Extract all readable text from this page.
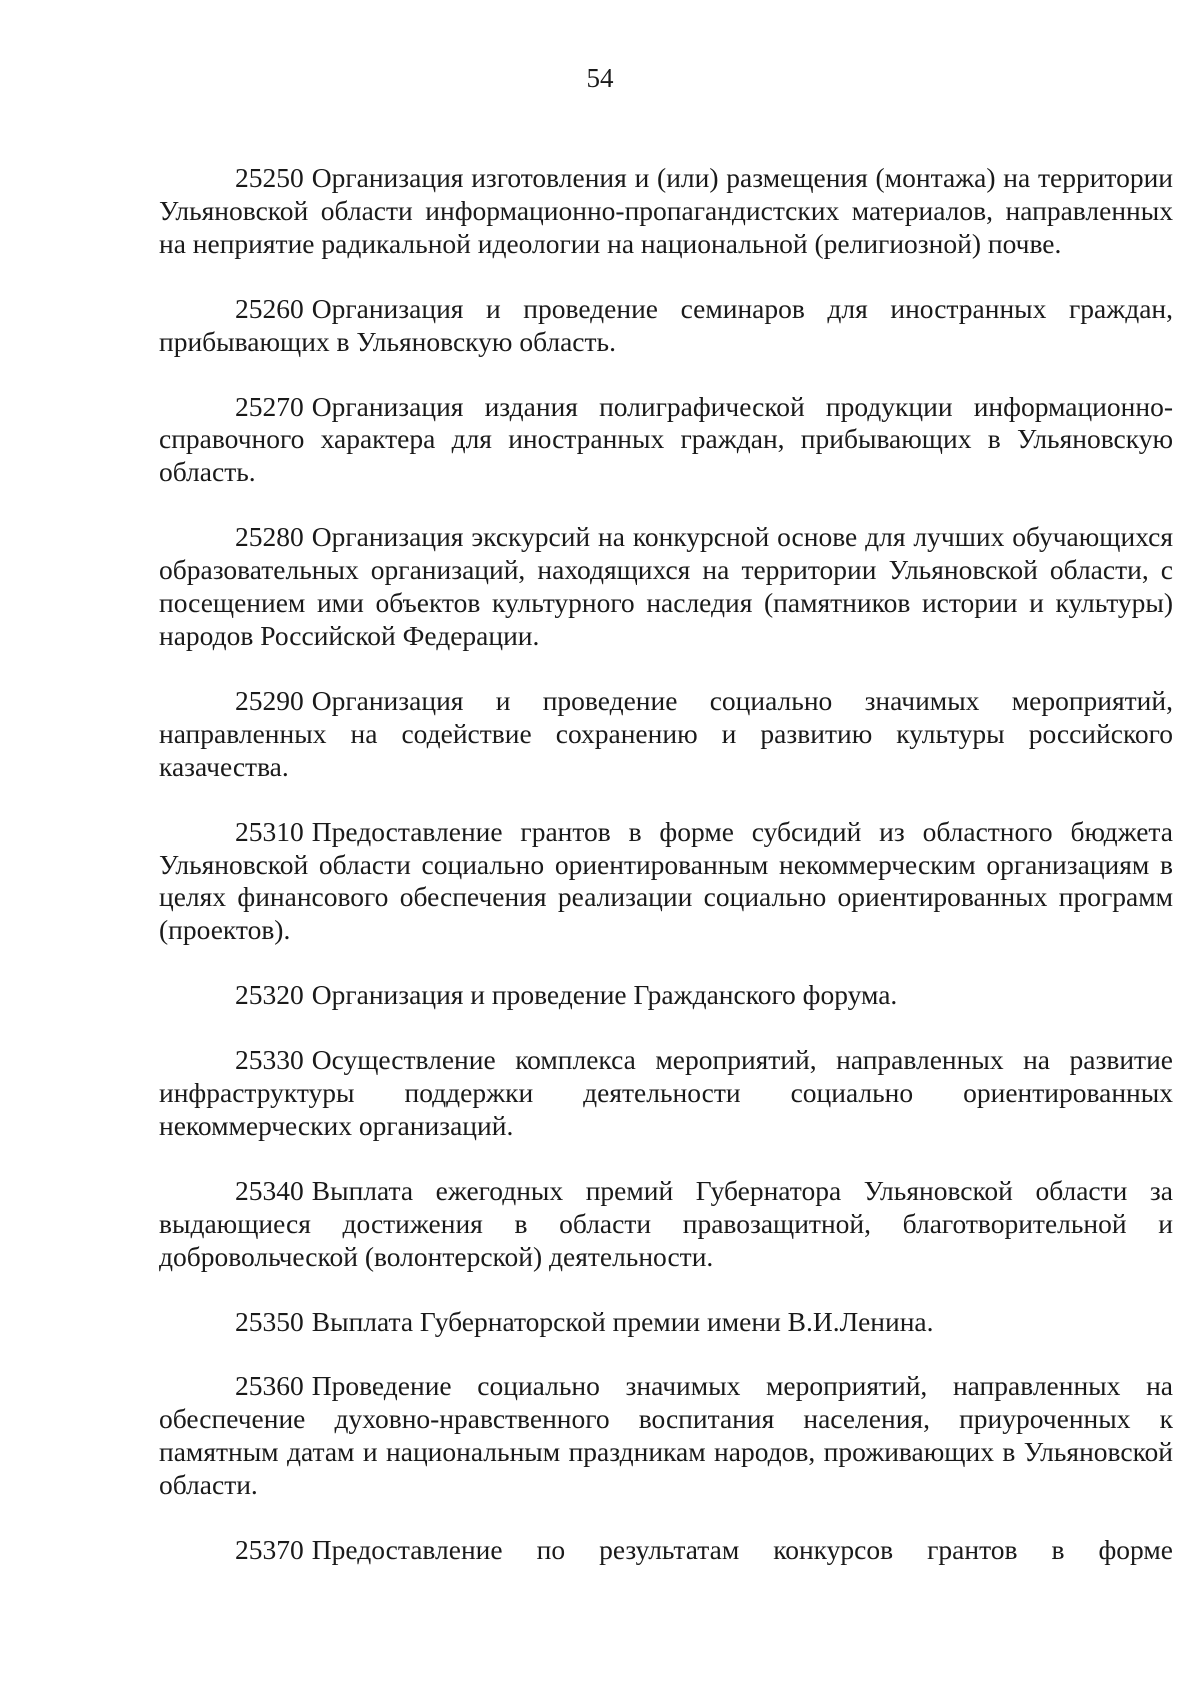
54

25250 Организация изготовления и (или) размещения (монтажа) на территории Ульяновской области информационно-пропагандистских материалов, направленных на неприятие радикальной идеологии на национальной (религиозной) почве.

25260 Организация и проведение семинаров для иностранных граждан, прибывающих в Ульяновскую область.

25270 Организация издания полиграфической продукции информационно-справочного характера для иностранных граждан, прибывающих в Ульяновскую область.

25280 Организация экскурсий на конкурсной основе для лучших обучающихся образовательных организаций, находящихся на территории Ульяновской области, с посещением ими объектов культурного наследия (памятников истории и культуры) народов Российской Федерации.

25290 Организация и проведение социально значимых мероприятий, направленных на содействие сохранению и развитию культуры российского казачества.

25310 Предоставление грантов в форме субсидий из областного бюджета Ульяновской области социально ориентированным некоммерческим организациям в целях финансового обеспечения реализации социально ориентированных программ (проектов).

25320 Организация и проведение Гражданского форума.

25330 Осуществление комплекса мероприятий, направленных на развитие инфраструктуры поддержки деятельности социально ориентированных некоммерческих организаций.

25340 Выплата ежегодных премий Губернатора Ульяновской области за выдающиеся достижения в области правозащитной, благотворительной и добровольческой (волонтерской) деятельности.

25350 Выплата Губернаторской премии имени В.И.Ленина.

25360 Проведение социально значимых мероприятий, направленных на обеспечение духовно-нравственного воспитания населения, приуроченных к памятным датам и национальным праздникам народов, проживающих в Ульяновской области.

25370 Предоставление по результатам конкурсов грантов в форме
